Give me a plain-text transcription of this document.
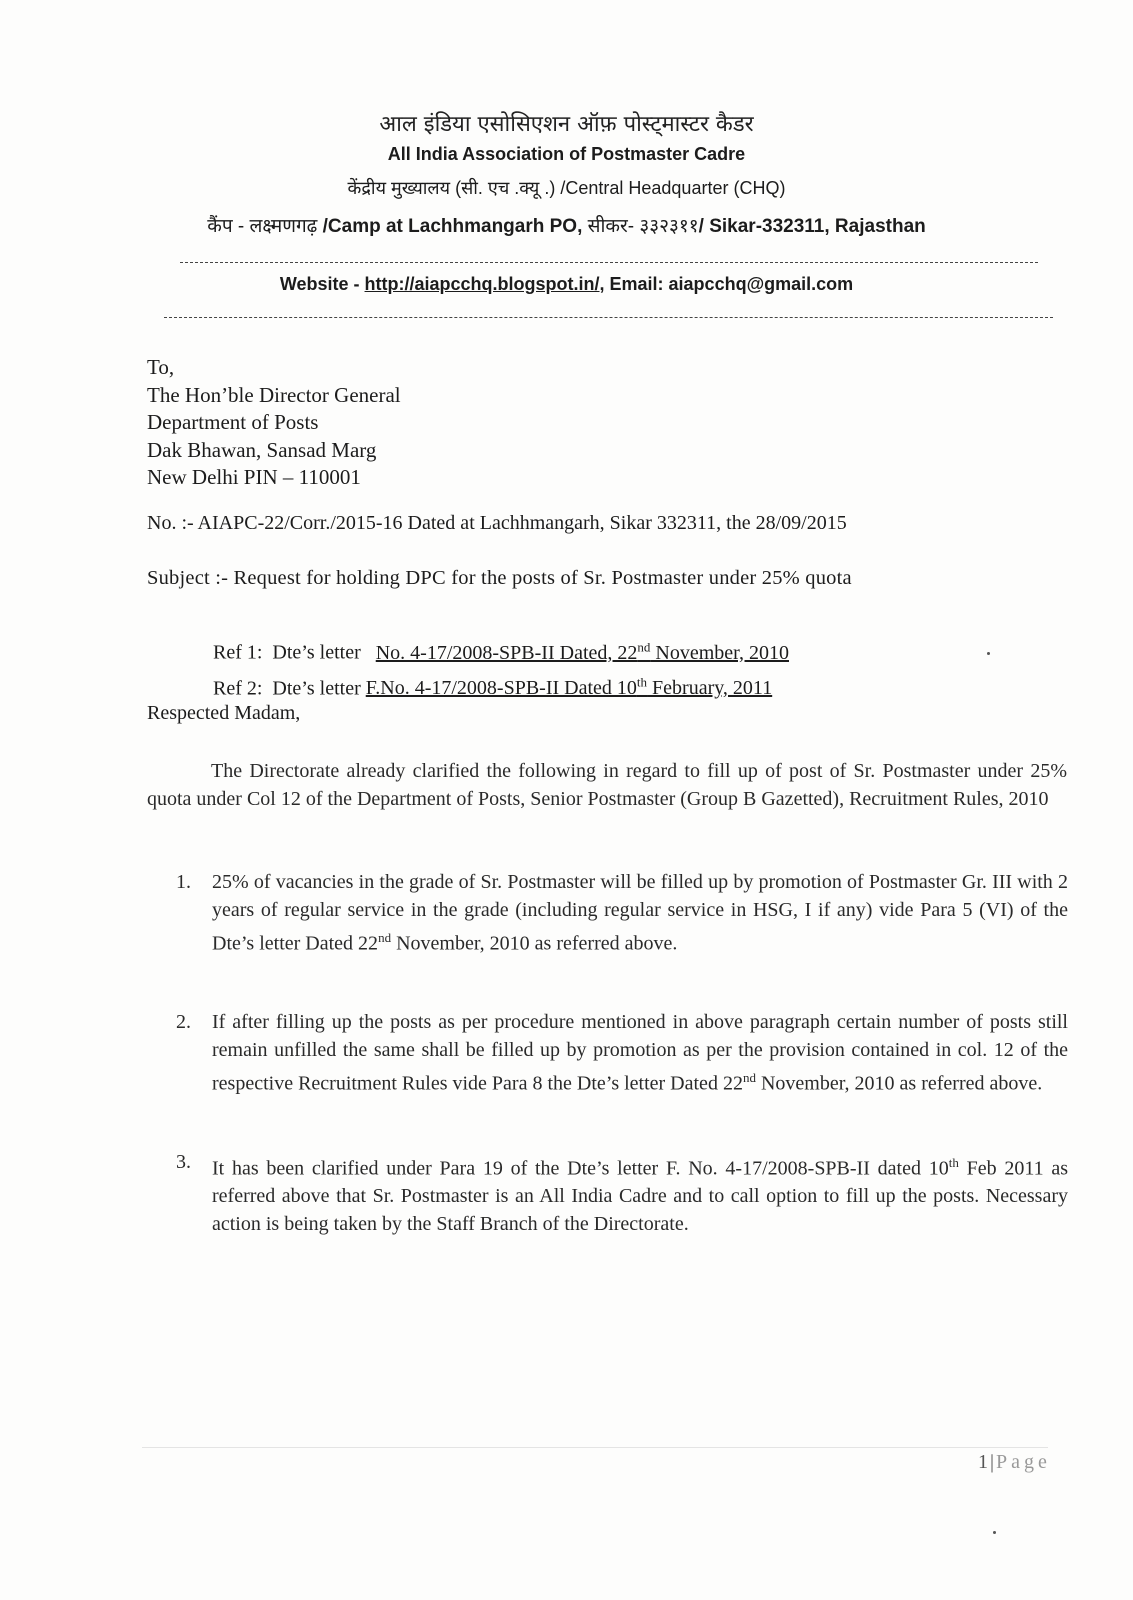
आल इंडिया एसोसिएशन ऑफ़ पोस्ट्मास्टर कैडर
All India Association of Postmaster Cadre
केंद्रीय मुख्यालय (सी. एच .क्यू .) /Central Headquarter (CHQ)
कैंप - लक्ष्मणगढ़ /Camp at Lachhmangarh PO, सीकर- ३३२३११/ Sikar-332311, Rajasthan
Website - http://aiapcchq.blogspot.in/, Email: aiapcchq@gmail.com
To,
The Hon’ble Director General
Department of Posts
Dak Bhawan, Sansad Marg
New Delhi PIN – 110001
No. :- AIAPC-22/Corr./2015-16 Dated at Lachhmangarh, Sikar 332311, the 28/09/2015
Subject :- Request for holding DPC for the posts of Sr. Postmaster under 25% quota
Ref 1:  Dte’s letter   No. 4-17/2008-SPB-II Dated, 22nd November, 2010
Ref 2:  Dte’s letter F.No. 4-17/2008-SPB-II Dated 10th February, 2011
Respected Madam,
The Directorate already clarified the following in regard to fill up of post of Sr. Postmaster under 25% quota under Col 12 of the Department of Posts, Senior Postmaster (Group B Gazetted), Recruitment Rules, 2010
1. 25% of vacancies in the grade of Sr. Postmaster will be filled up by promotion of Postmaster Gr. III with 2 years of regular service in the grade (including regular service in HSG, I if any) vide Para 5 (VI) of the Dte’s letter Dated 22nd November, 2010 as referred above.
2. If after filling up the posts as per procedure mentioned in above paragraph certain number of posts still remain unfilled the same shall be filled up by promotion as per the provision contained in col. 12 of the respective Recruitment Rules vide Para 8 the Dte’s letter Dated 22nd November, 2010 as referred above.
3. It has been clarified under Para 19 of the Dte’s letter F. No. 4-17/2008-SPB-II dated 10th Feb 2011 as referred above that Sr. Postmaster is an All India Cadre and to call option to fill up the posts. Necessary action is being taken by the Staff Branch of the Directorate.
1|Page
